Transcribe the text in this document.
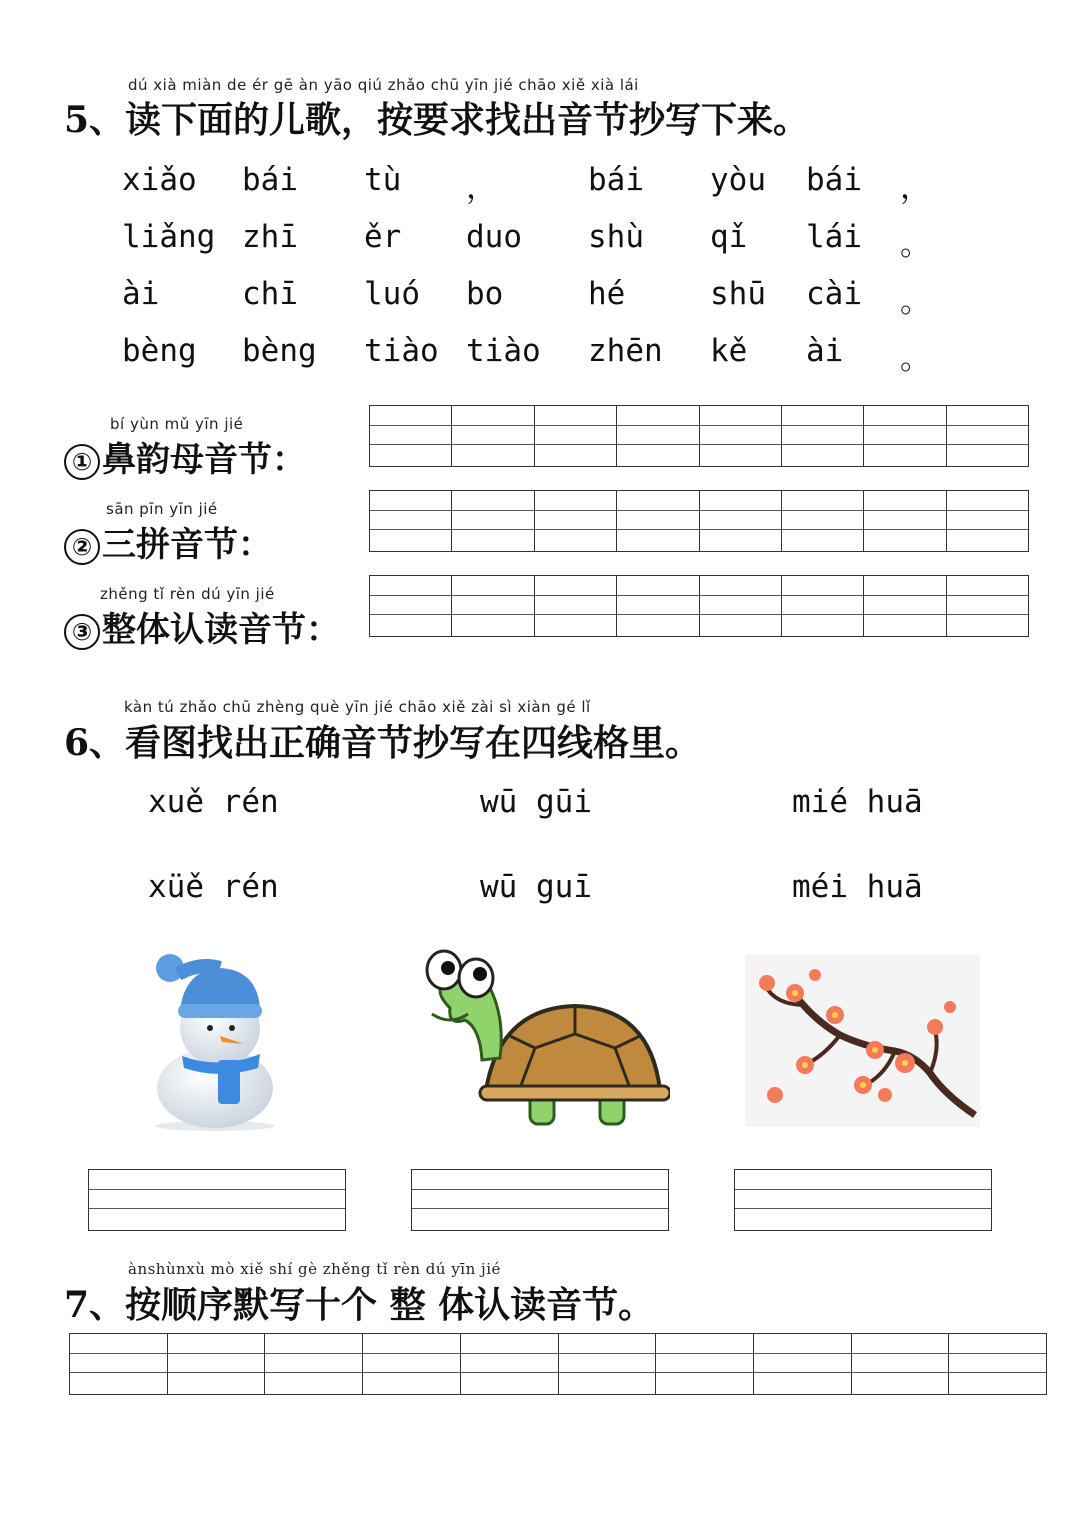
dú xià miàn de ér gē àn yāo qiú zhǎo chū yīn jié chāo xiě xià lái
5、读下面的儿歌，按要求找出音节抄写下来。
xiǎo bái tù ，	bái yòu bái ，
liǎng zhī ěr duo shù qǐ lái 。
ài	chī luó bo	hé	shū cài 。
bèng bèng tiào tiào zhēn kě ài 。
bí yùn mǔ yīn jié
① 鼻韵母音节：
sān pīn yīn jié
② 三拼音节：
zhěng tǐ rèn dú yīn jié
③ 整体认读音节：
kàn tú zhǎo chū zhèng què yīn jié chāo xiě zài sì xiàn gé lǐ
6、看图找出正确音节抄写在四线格里。
xuě rén
xüě rén
wū gūi
wū guī
mié huā
méi huā
ànshùnxù mò xiě shí gè zhěng tǐ rèn dú yīn jié
7、按顺序默写十个 整 体认读音节。
